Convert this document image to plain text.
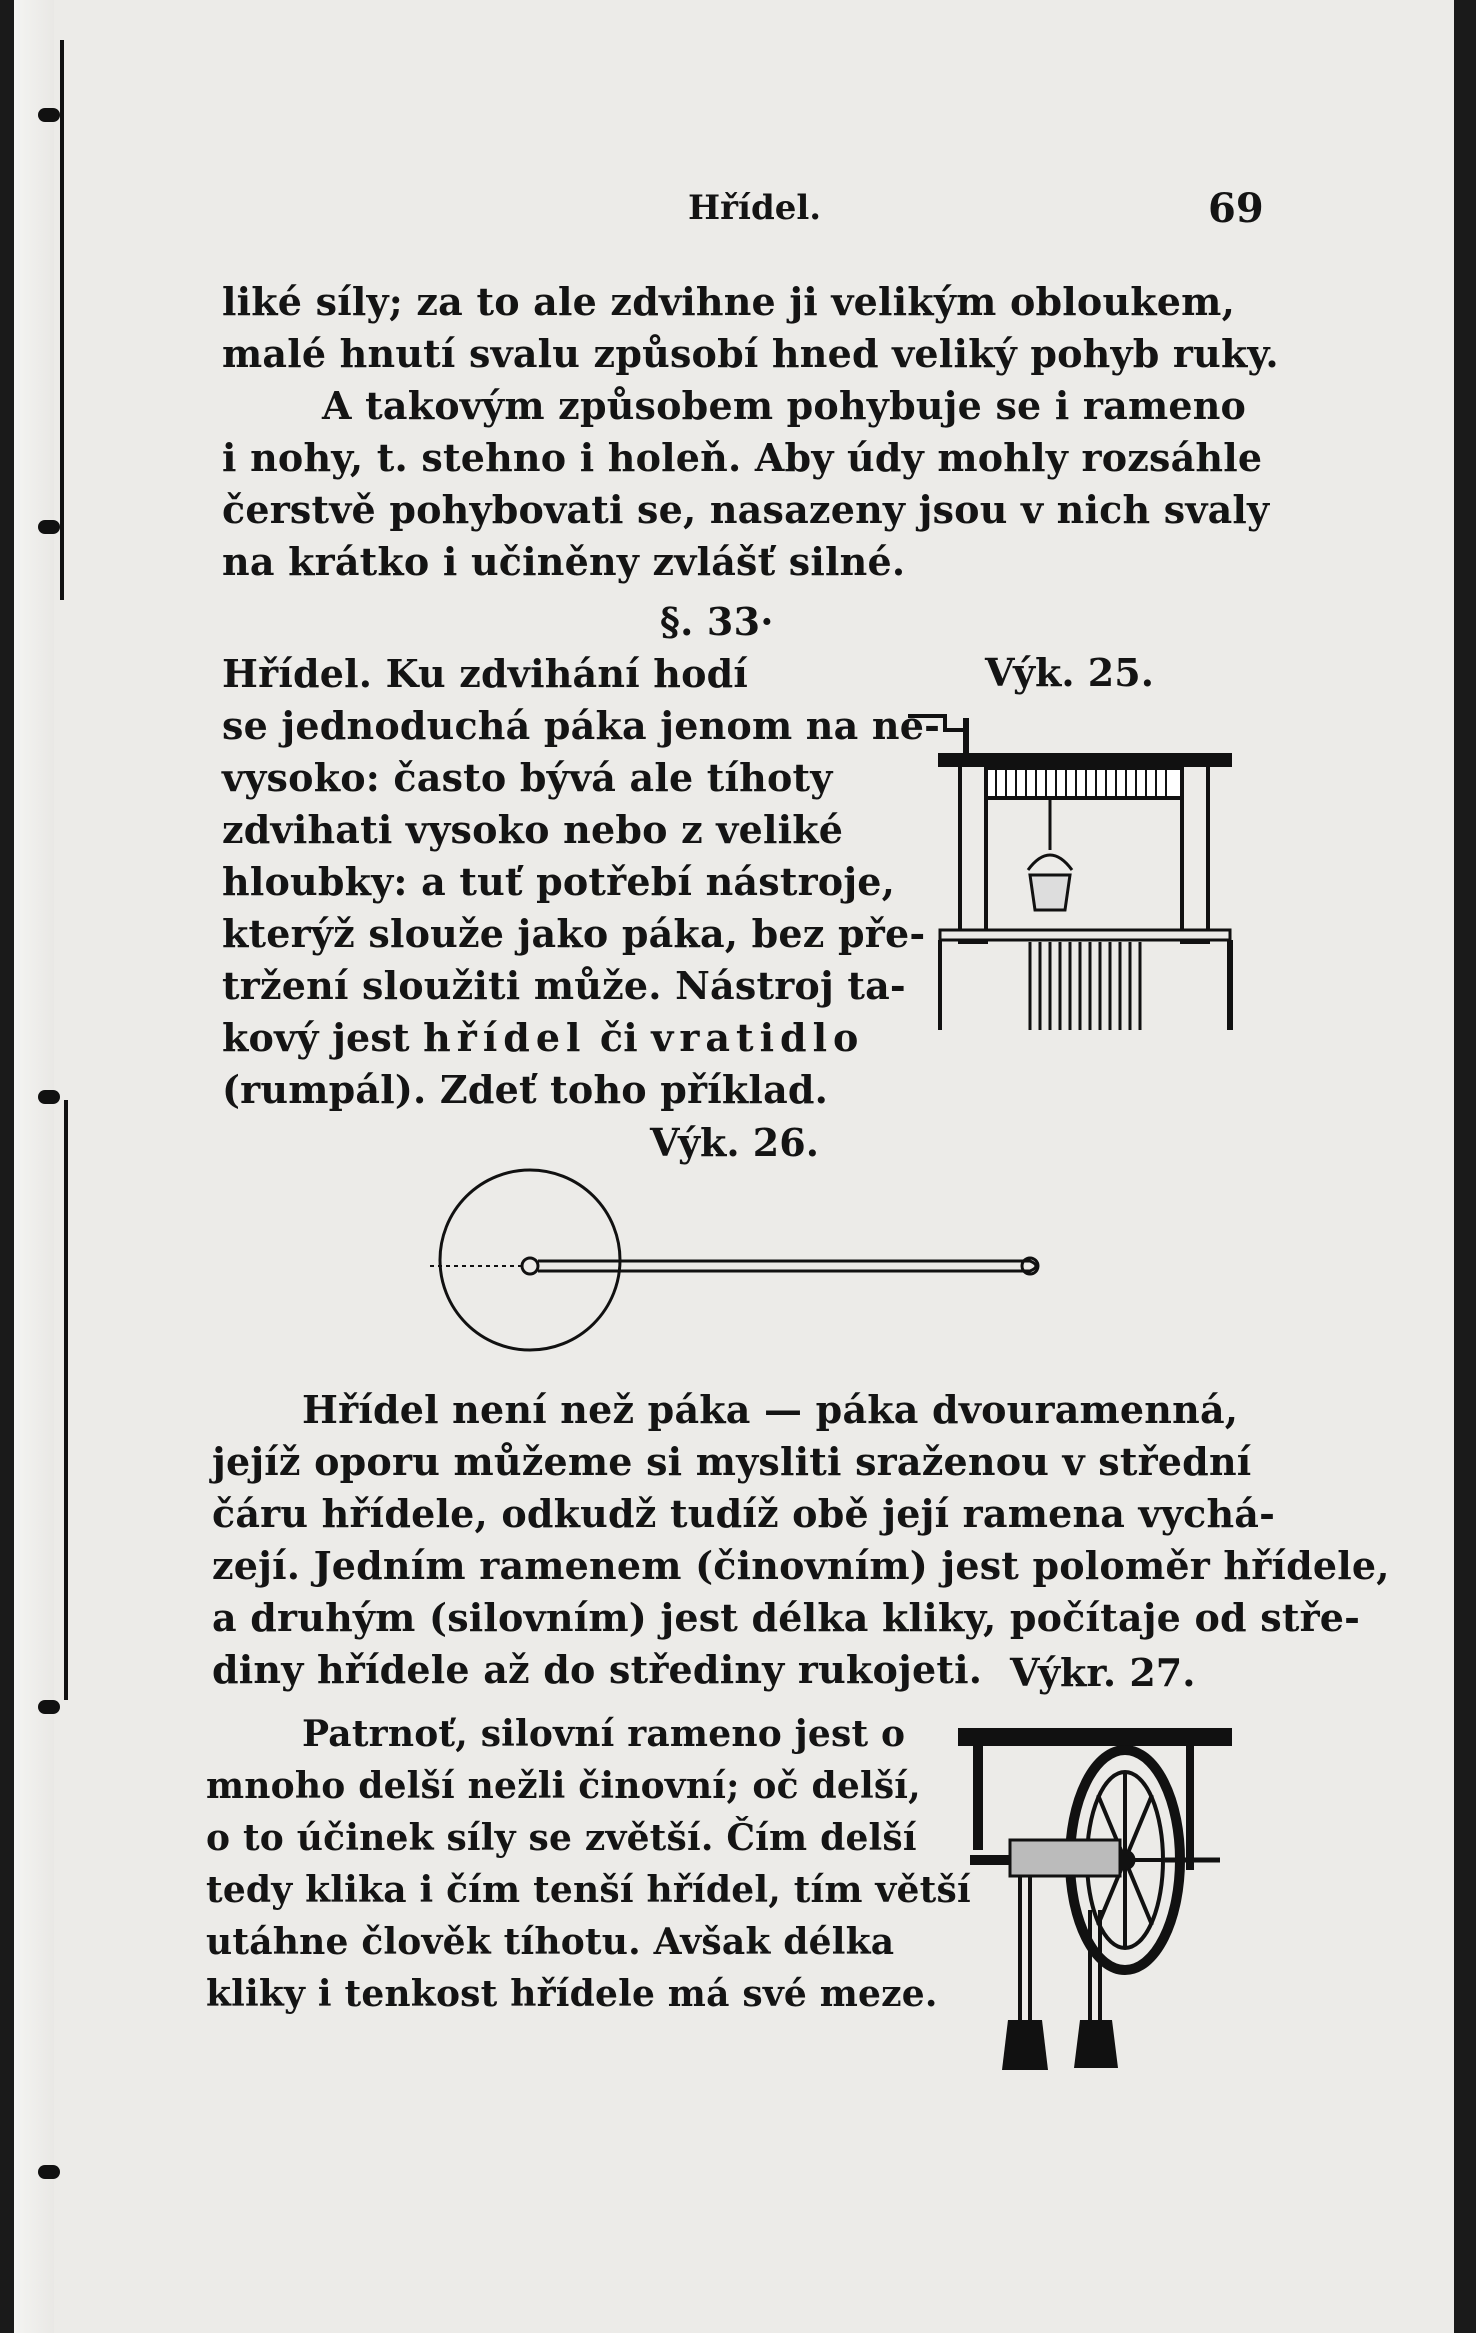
Hřídel.	69
liké síly; za to ale zdvihne ji velikým obloukem,
malé hnutí svalu způsobí hned veliký pohyb ruky.
A takovým způsobem pohybuje se i rameno
i nohy, t. stehno i holeň. Aby údy mohly rozsáhle
čerstvě pohybovati se, nasazeny jsou v nich svaly
na krátko i učiněny zvlášť silné.
§. 33·
Hřídel. Ku zdvihání hodí
se jednoduchá páka jenom na ne-
vysoko: často bývá ale tíhoty
zdvihati vysoko nebo z veliké
hloubky: a tuť potřebí nástroje,
kterýž slouže jako páka, bez pře-
tržení sloužiti může. Nástroj ta-
kový jest hřídel či vratidlo
(rumpál). Zdeť toho příklad.
Výk. 25.
Výk. 26.
Hřídel není než páka — páka dvouramenná,
jejíž oporu můžeme si mysliti sraženou v střední
čáru hřídele, odkudž tudíž obě její ramena vychá-
zejí. Jedním ramenem (činovním) jest poloměr hřídele,
a druhým (silovním) jest délka kliky, počítaje od stře-
diny hřídele až do střediny rukojeti. Výkr. 27.
Patrnoť, silovní rameno jest o
mnoho delší nežli činovní; oč delší,
o to účinek síly se zvětší. Čím delší
tedy klika i čím tenší hřídel, tím větší
utáhne člověk tíhotu. Avšak délka
kliky i tenkost hřídele má své meze.
